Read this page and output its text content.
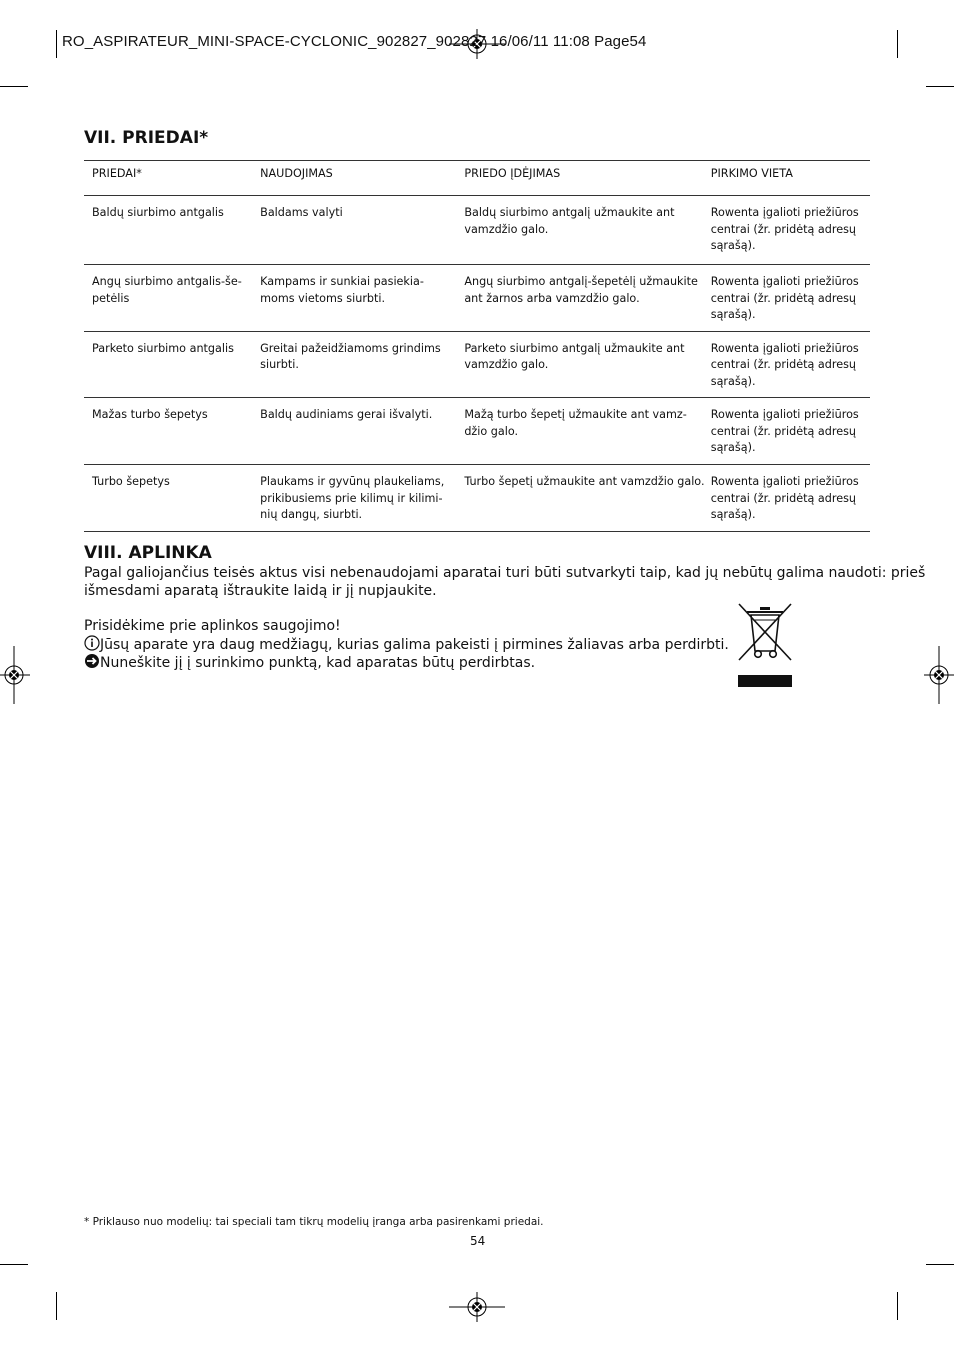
RO_ASPIRATEUR_MINI-SPACE-CYCLONIC_902827_902827 16/06/11 11:08 Page54
VII. PRIEDAI*
PRIEDAI*	NAUDOJIMAS	PRIEDO ĮDĖJIMAS	PIRKIMO VIETA
Baldų siurbimo antgalis	Baldams valyti	Baldų siurbimo antgalį užmaukite ant vamzdžio galo.	Rowenta įgalioti priežiūros centrai (žr. pridėtą adresų sąrašą).
Angų siurbimo antgalis-še-petėlis	Kampams ir sunkiai pasiekia-moms vietoms siurbti.	Angų siurbimo antgalį-šepetėlį užmaukite ant žarnos arba vamzdžio galo.	Rowenta įgalioti priežiūros centrai (žr. pridėtą adresų sąrašą).
Parketo siurbimo antgalis	Greitai pažeidžiamoms grindims siurbti.	Parketo siurbimo antgalį užmaukite ant vamzdžio galo.	Rowenta įgalioti priežiūros centrai (žr. pridėtą adresų sąrašą).
Mažas turbo šepetys	Baldų audiniams gerai išvalyti.	Mažą turbo šepetį užmaukite ant vamz-džio galo.	Rowenta įgalioti priežiūros centrai (žr. pridėtą adresų sąrašą).
Turbo šepetys	Plaukams ir gyvūnų plaukeliams, prikibusiems prie kilimų ir kilimi-nių dangų, siurbti.	Turbo šepetį užmaukite ant vamzdžio galo.	Rowenta įgalioti priežiūros centrai (žr. pridėtą adresų sąrašą).
VIII. APLINKA
Pagal galiojančius teisės aktus visi nebenaudojami aparatai turi būti sutvarkyti taip, kad jų nebūtų galima naudoti: prieš
išmesdami aparatą ištraukite laidą ir jį nupjaukite.
Prisidėkime prie aplinkos saugojimo!
Jūsų aparate yra daug medžiagų, kurias galima pakeisti į pirmines žaliavas arba perdirbti.
Nuneškite jį į surinkimo punktą, kad aparatas būtų perdirbtas.
* Priklauso nuo modelių: tai speciali tam tikrų modelių įranga arba pasirenkami priedai.
54
